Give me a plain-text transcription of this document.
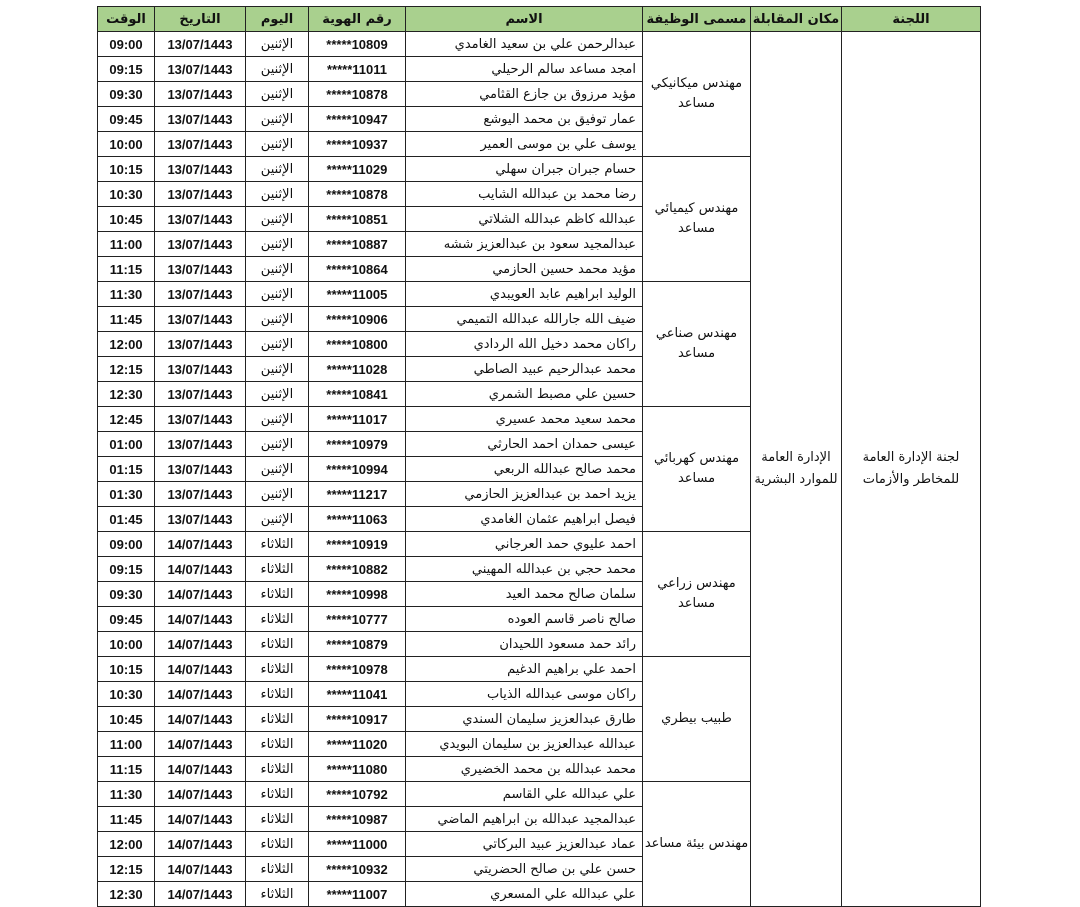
الوقت	التاريخ	اليوم	رقم الهوية	الاسم	مسمى الوظيفة	مكان المقابلة	اللجنة
09:00	13/07/1443	الإثنين	10809*****	عبدالرحمن علي بن سعيد الغامدي	مهندس ميكانيكي مساعد	الإدارة العامة للموارد البشرية	لجنة الإدارة العامة للمخاطر والأزمات
09:15	13/07/1443	الإثنين	11011*****	امجد مساعد سالم الرحيلي			
09:30	13/07/1443	الإثنين	10878*****	مؤيد مرزوق بن جازع القثامي			
09:45	13/07/1443	الإثنين	10947*****	عمار توفيق بن محمد اليوشع			
10:00	13/07/1443	الإثنين	10937*****	يوسف علي بن موسى العمير			
10:15	13/07/1443	الإثنين	11029*****	حسام جبران جبران سهلي	مهندس كيميائي مساعد		
10:30	13/07/1443	الإثنين	10878*****	رضا محمد بن عبدالله الشايب			
10:45	13/07/1443	الإثنين	10851*****	عبدالله كاظم عبدالله الشلاتي			
11:00	13/07/1443	الإثنين	10887*****	عبدالمجيد سعود بن عبدالعزيز ششه			
11:15	13/07/1443	الإثنين	10864*****	مؤيد محمد حسين الحازمي			
11:30	13/07/1443	الإثنين	11005*****	الوليد ابراهيم عابد العويبدي	مهندس صناعي مساعد		
11:45	13/07/1443	الإثنين	10906*****	ضيف الله جارالله عبدالله التميمي			
12:00	13/07/1443	الإثنين	10800*****	راكان محمد دخيل الله الردادي			
12:15	13/07/1443	الإثنين	11028*****	محمد عبدالرحيم عبيد الصاطي			
12:30	13/07/1443	الإثنين	10841*****	حسين علي مصبط الشمري			
12:45	13/07/1443	الإثنين	11017*****	محمد سعيد محمد عسيري	مهندس كهربائي مساعد		
01:00	13/07/1443	الإثنين	10979*****	عيسى حمدان احمد الحارثي			
01:15	13/07/1443	الإثنين	10994*****	محمد صالح عبدالله الربعي			
01:30	13/07/1443	الإثنين	11217*****	يزيد احمد بن عبدالعزيز الحازمي			
01:45	13/07/1443	الإثنين	11063*****	فيصل ابراهيم عثمان الغامدي			
09:00	14/07/1443	الثلاثاء	10919*****	احمد عليوي حمد العرجاني	مهندس زراعي مساعد		
09:15	14/07/1443	الثلاثاء	10882*****	محمد حجي بن عبدالله المهيني			
09:30	14/07/1443	الثلاثاء	10998*****	سلمان صالح محمد العيد			
09:45	14/07/1443	الثلاثاء	10777*****	صالح ناصر قاسم العوده			
10:00	14/07/1443	الثلاثاء	10879*****	رائد حمد مسعود اللحيدان			
10:15	14/07/1443	الثلاثاء	10978*****	احمد علي براهيم الدغيم	طبيب بيطري		
10:30	14/07/1443	الثلاثاء	11041*****	راكان موسى عبدالله الذياب			
10:45	14/07/1443	الثلاثاء	10917*****	طارق عبدالعزيز سليمان السندي			
11:00	14/07/1443	الثلاثاء	11020*****	عبدالله عبدالعزيز بن سليمان البويدي			
11:15	14/07/1443	الثلاثاء	11080*****	محمد عبدالله بن محمد الخضيري			
11:30	14/07/1443	الثلاثاء	10792*****	علي عبدالله علي القاسم	مهندس بيئة مساعد		
11:45	14/07/1443	الثلاثاء	10987*****	عبدالمجيد عبدالله بن ابراهيم الماضي			
12:00	14/07/1443	الثلاثاء	11000*****	عماد عبدالعزيز عبيد البركاتي			
12:15	14/07/1443	الثلاثاء	10932*****	حسن علي بن صالح الحضريتي			
12:30	14/07/1443	الثلاثاء	11007*****	علي عبدالله علي المسعري			
